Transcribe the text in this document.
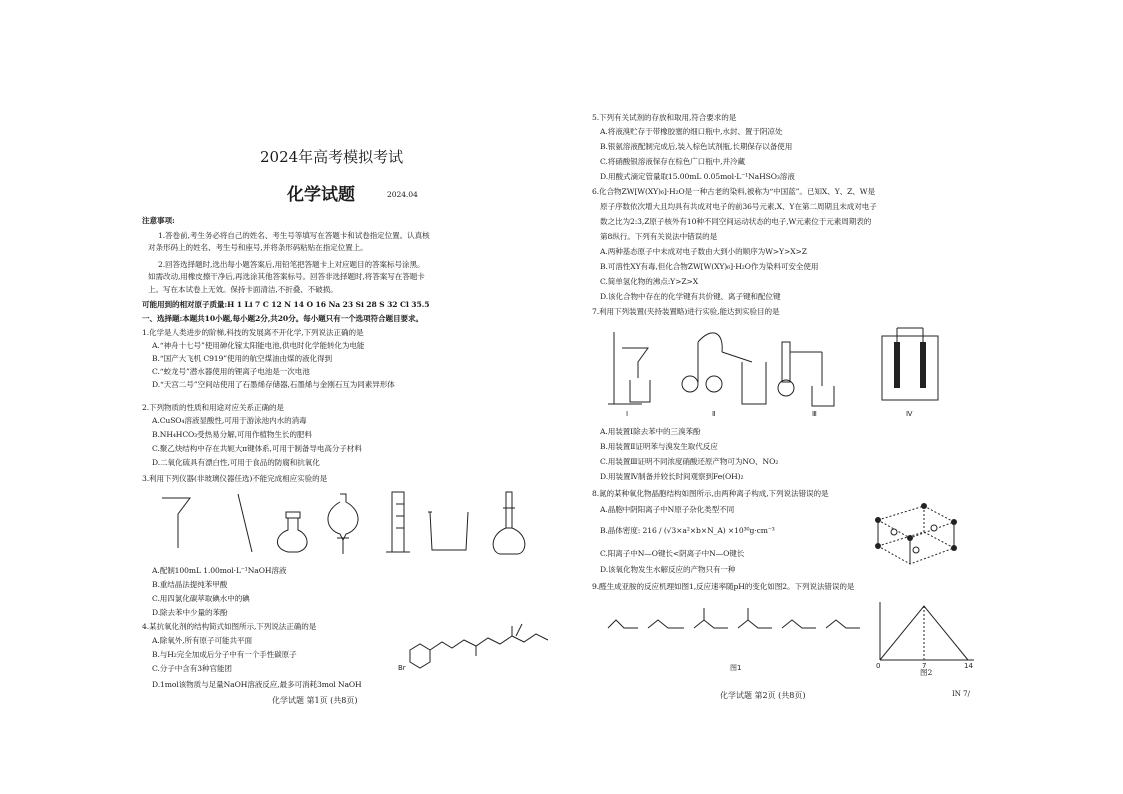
2024年高考模拟考试
化学试题	2024.04
注意事项:
1.答卷前,考生务必将自己的姓名、考生号等填写在答题卡和试卷指定位置。认真核
对条形码上的姓名、考生号和座号,并将条形码粘贴在指定位置上。
2.回答选择题时,选出每小题答案后,用铅笔把答题卡上对应题目的答案标号涂黑。
如需改动,用橡皮擦干净后,再选涂其他答案标号。回答非选择题时,将答案写在答题卡
上。写在本试卷上无效。保持卡面清洁,不折叠、不破损。
可能用到的相对原子质量:H 1 Li 7 C 12 N 14 O 16 Na 23 Si 28 S 32 Cl 35.5
一、选择题:本题共10小题,每小题2分,共20分。每小题只有一个选项符合题目要求。
1.化学是人类进步的阶梯,科技的发展离不开化学,下列说法正确的是
A.“神舟十七号”使用砷化镓太阳能电池,供电时化学能转化为电能
B.“国产大飞机 C919”使用的航空煤油由煤的液化得到
C.“蛟龙号”潜水器使用的锂离子电池是一次电池
D.“天宫二号”空间站使用了石墨烯存储器,石墨烯与金刚石互为同素异形体
2.下列物质的性质和用途对应关系正确的是
A.CuSO₄溶液显酸性,可用于游泳池内水的消毒
B.NH₄HCO₃受热易分解,可用作植物生长的肥料
C.聚乙炔结构中存在共轭大π键体系,可用于制备导电高分子材料
D.二氧化硫具有漂白性,可用于食品的防腐和抗氧化
3.利用下列仪器(非玻璃仪器任选)不能完成相应实验的是
A.配制100mL 1.00mol·L⁻¹NaOH溶液
B.重结晶法提纯苯甲酸
C.用四氯化碳萃取碘水中的碘
D.除去苯中少量的苯酚
4.某抗氧化剂的结构简式如图所示,下列说法正确的是
A.除氧外,所有原子可能共平面
B.与H₂完全加成后分子中有一个手性碳原子
C.分子中含有3种官能团
D.1mol该物质与足量NaOH溶液反应,最多可消耗3mol NaOH
Br
化学试题 第1页 (共8页)
5.下列有关试剂的存放和取用,符合要求的是
A.将液溴贮存于带橡胶塞的细口瓶中,水封、置于阴凉处
B.银氨溶液配制完成后,装入棕色试剂瓶,长期保存以备使用
C.将硝酸银溶液保存在棕色广口瓶中,并冷藏
D.用酸式滴定管量取15.00mL 0.05mol·L⁻¹NaHSO₃溶液
6.化合物ZW[W(XY)₆]·H₂O是一种古老的染料,被称为“中国蓝”。已知X、Y、Z、W是
原子序数依次增大且均具有共成对电子的前36号元素,X、Y在第二周期且未成对电子
数之比为2:3,Z原子核外有10种不同空间运动状态的电子,W元素位于元素周期表的
第8纵行。下列有关说法中错误的是
A.两种基态原子中未成对电子数由大到小的顺序为W>Y>X>Z
B.可溶性XY有毒,但化合物ZW[W(XY)₆]·H₂O作为染料可安全使用
C.简单氢化物的沸点:Y>Z>X
D.该化合物中存在的化学键有共价键、离子键和配位键
7.利用下列装置(夹持装置略)进行实验,能达到实验目的是
Ⅰ	Ⅱ	Ⅲ	Ⅳ
A.用装置Ⅰ除去苯中的三溴苯酚
B.用装置Ⅱ证明苯与溴发生取代反应
C.用装置Ⅲ证明不同浓度硝酸还原产物可为NO、NO₂
D.用装置Ⅳ制备并较长时间观察到Fe(OH)₂
8.氮的某种氧化物晶胞结构如图所示,由两种离子构成,下列说法错误的是
A.晶胞中阴阳离子中N原子杂化类型不同
B.晶体密度: 216 / (√3×a²×b×N_A) ×10³⁰g·cm⁻³
C.阳离子中N—O键长<阴离子中N—O键长
D.该氧化物发生水解反应的产物只有一种
9.醛生成亚胺的反应机理如图1,反应速率随pH的变化如图2。下列说法错误的是
图1	0	7	14
图2
化学试题 第2页 (共8页)	IN 7/
